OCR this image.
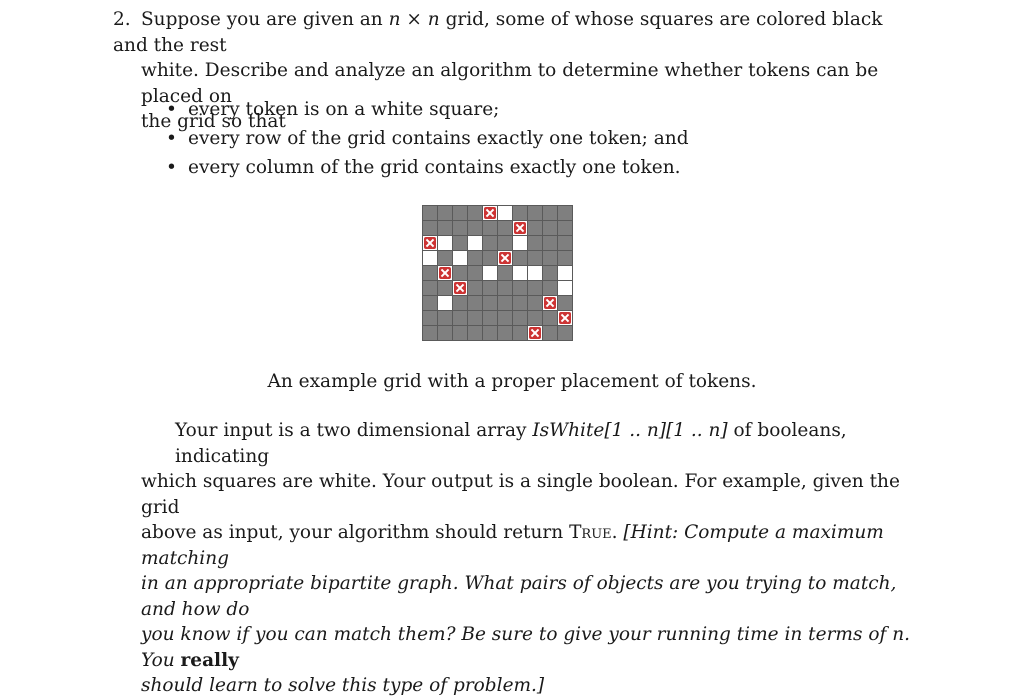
2. Suppose you are given an n × n grid, some of whose squares are colored black and the rest
white. Describe and analyze an algorithm to determine whether tokens can be placed on
the grid so that
• every token is on a white square;
• every row of the grid contains exactly one token; and
• every column of the grid contains exactly one token.
An example grid with a proper placement of tokens.
Your input is a two dimensional array IsWhite[1 .. n][1 .. n] of booleans, indicating
which squares are white. Your output is a single boolean. For example, given the grid
above as input, your algorithm should return True. [Hint: Compute a maximum matching
in an appropriate bipartite graph. What pairs of objects are you trying to match, and how do
you know if you can match them? Be sure to give your running time in terms of n. You really
should learn to solve this type of problem.]
